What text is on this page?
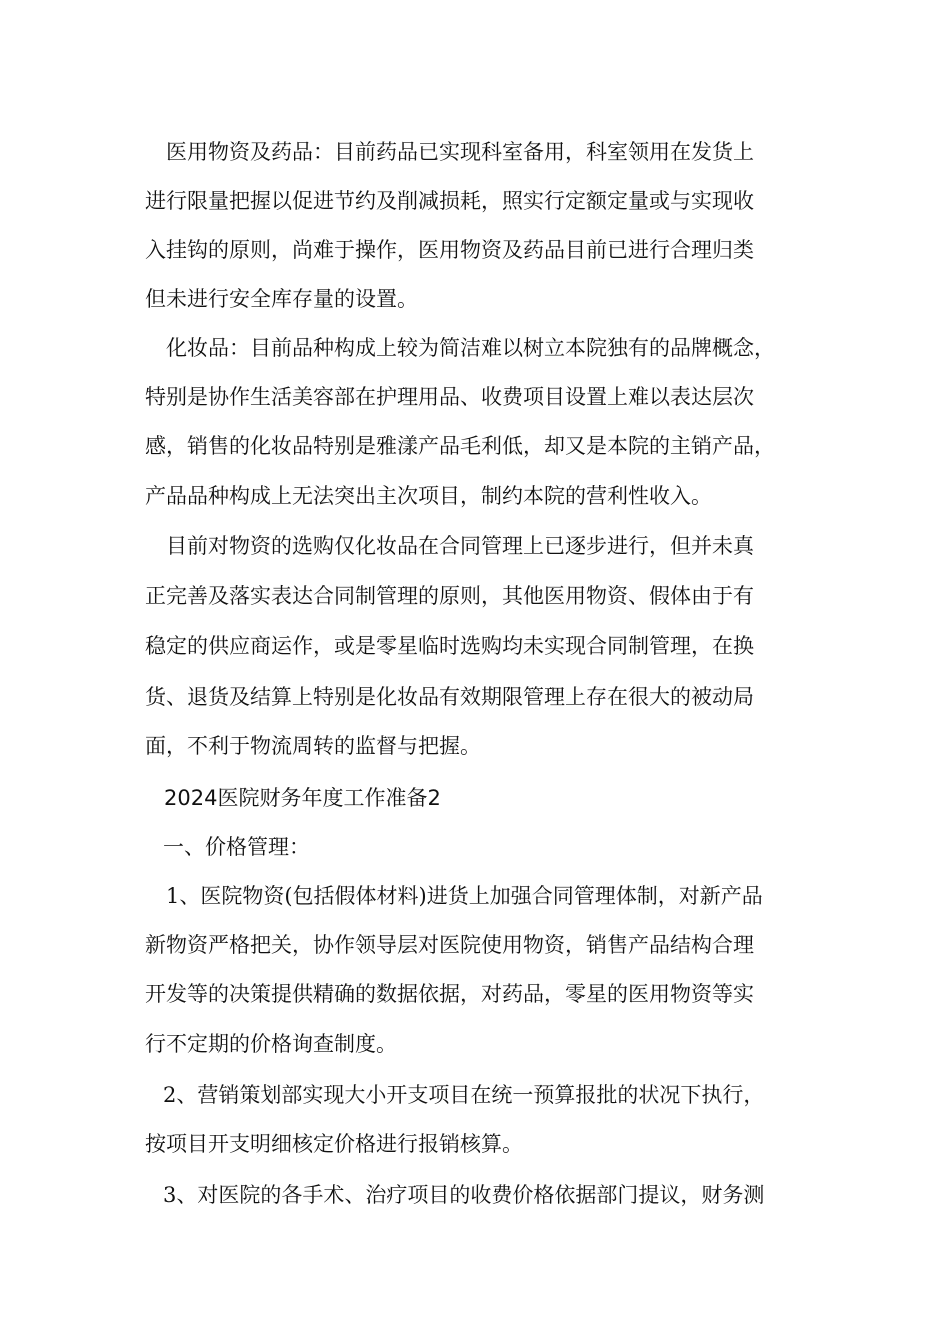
医用物资及药品：目前药品已实现科室备用，科室领用在发货上
进行限量把握以促进节约及削减损耗，照实行定额定量或与实现收
入挂钩的原则，尚难于操作，医用物资及药品目前已进行合理归类
但未进行安全库存量的设置。
化妆品：目前品种构成上较为简洁难以树立本院独有的品牌概念，
特别是协作生活美容部在护理用品、收费项目设置上难以表达层次
感，销售的化妆品特别是雅漾产品毛利低，却又是本院的主销产品，
产品品种构成上无法突出主次项目，制约本院的营利性收入。
目前对物资的选购仅化妆品在合同管理上已逐步进行，但并未真
正完善及落实表达合同制管理的原则，其他医用物资、假体由于有
稳定的供应商运作，或是零星临时选购均未实现合同制管理，在换
货、退货及结算上特别是化妆品有效期限管理上存在很大的被动局
面，不利于物流周转的监督与把握。
2024医院财务年度工作准备2
一、价格管理：
1、医院物资(包括假体材料)进货上加强合同管理体制，对新产品
新物资严格把关，协作领导层对医院使用物资，销售产品结构合理
开发等的决策提供精确的数据依据，对药品，零星的医用物资等实
行不定期的价格询查制度。
2、营销策划部实现大小开支项目在统一预算报批的状况下执行，
按项目开支明细核定价格进行报销核算。
3、对医院的各手术、治疗项目的收费价格依据部门提议，财务测
